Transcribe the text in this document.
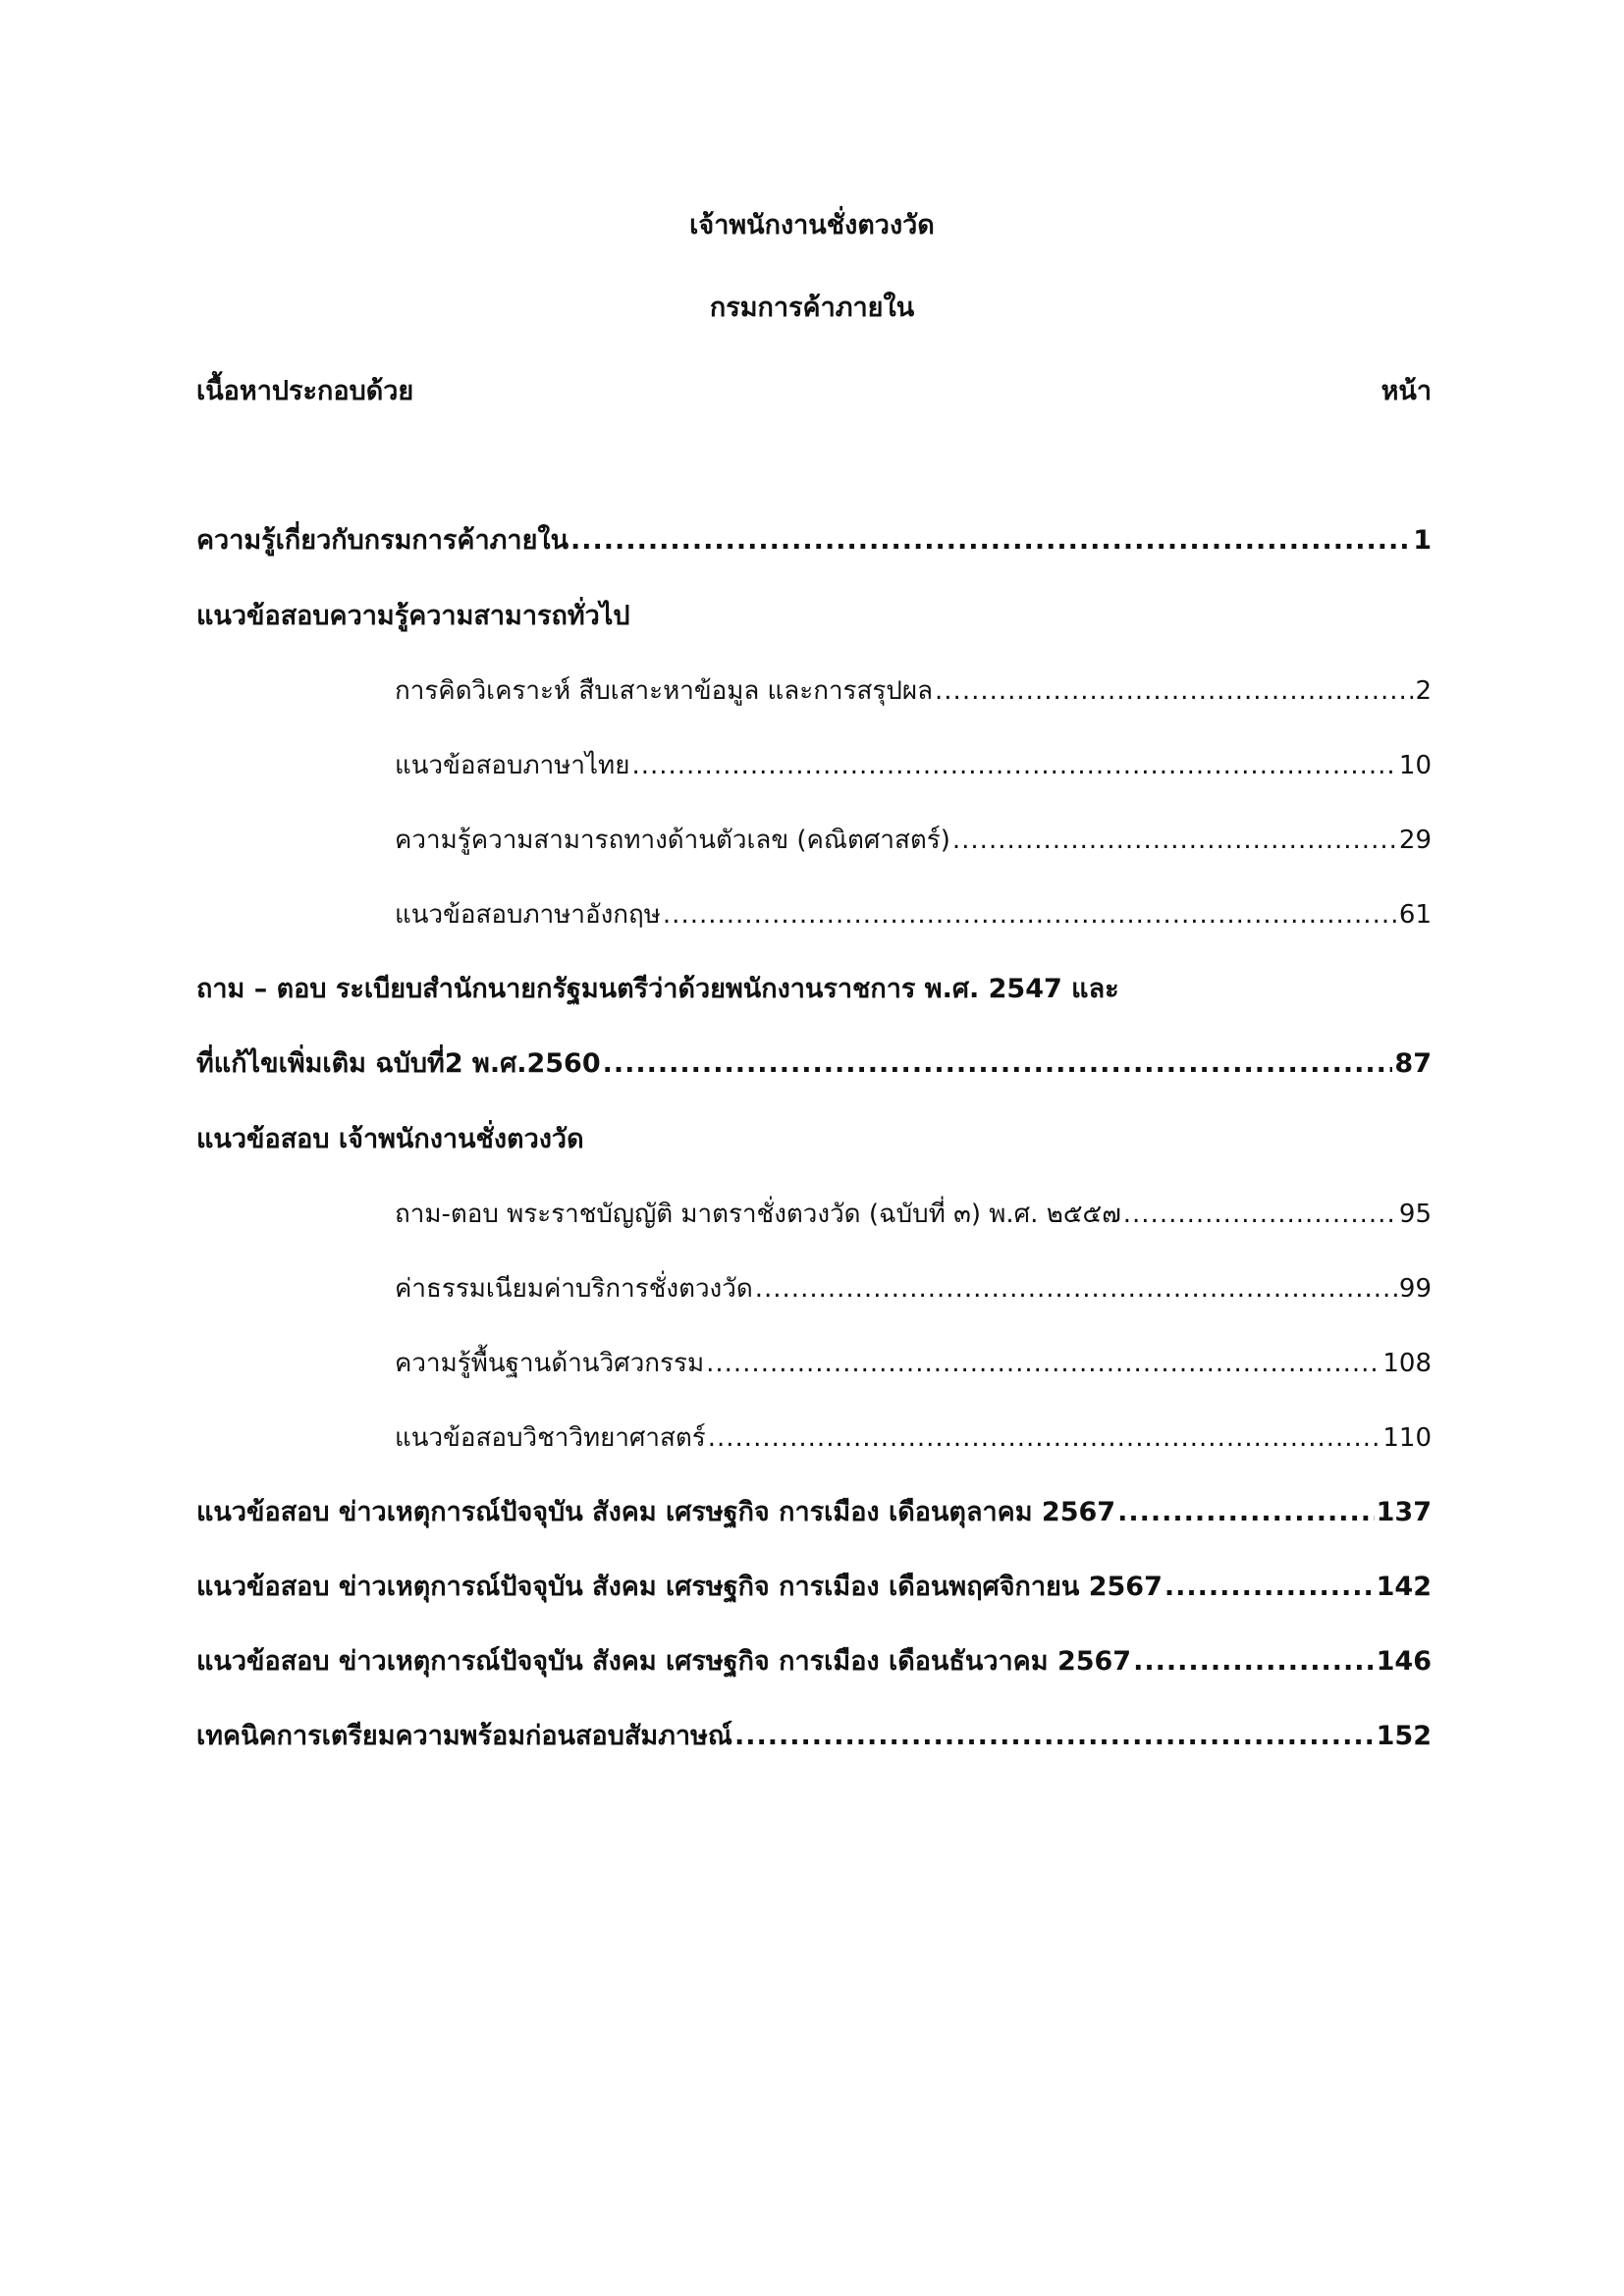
เจ้าพนักงานชั่งตวงวัด
กรมการค้าภายใน
เนื้อหาประกอบด้วย	หน้า
ความรู้เกี่ยวกับกรมการค้าภายใน .....	1
แนวข้อสอบความรู้ความสามารถทั่วไป
การคิดวิเคราะห์ สืบเสาะหาข้อมูล และการสรุปผล .....	2
แนวข้อสอบภาษาไทย .....	10
ความรู้ความสามารถทางด้านตัวเลข (คณิตศาสตร์) .....	29
แนวข้อสอบภาษาอังกฤษ .....	61
ถาม – ตอบ ระเบียบสำนักนายกรัฐมนตรีว่าด้วยพนักงานราชการ พ.ศ. 2547 และ
ที่แก้ไขเพิ่มเติม ฉบับที่2 พ.ศ.2560 .....	87
แนวข้อสอบ เจ้าพนักงานชั่งตวงวัด
ถาม-ตอบ พระราชบัญญัติ มาตราชั่งตวงวัด (ฉบับที่ ๓) พ.ศ. ๒๕๕๗ .....	95
ค่าธรรมเนียมค่าบริการชั่งตวงวัด .....	99
ความรู้พื้นฐานด้านวิศวกรรม .....	108
แนวข้อสอบวิชาวิทยาศาสตร์ .....	110
แนวข้อสอบ ข่าวเหตุการณ์ปัจจุบัน สังคม เศรษฐกิจ การเมือง เดือนตุลาคม 2567 .....	137
แนวข้อสอบ ข่าวเหตุการณ์ปัจจุบัน สังคม เศรษฐกิจ การเมือง เดือนพฤศจิกายน 2567 .....	142
แนวข้อสอบ ข่าวเหตุการณ์ปัจจุบัน สังคม เศรษฐกิจ การเมือง เดือนธันวาคม 2567 .....	146
เทคนิคการเตรียมความพร้อมก่อนสอบสัมภาษณ์ .....	152
